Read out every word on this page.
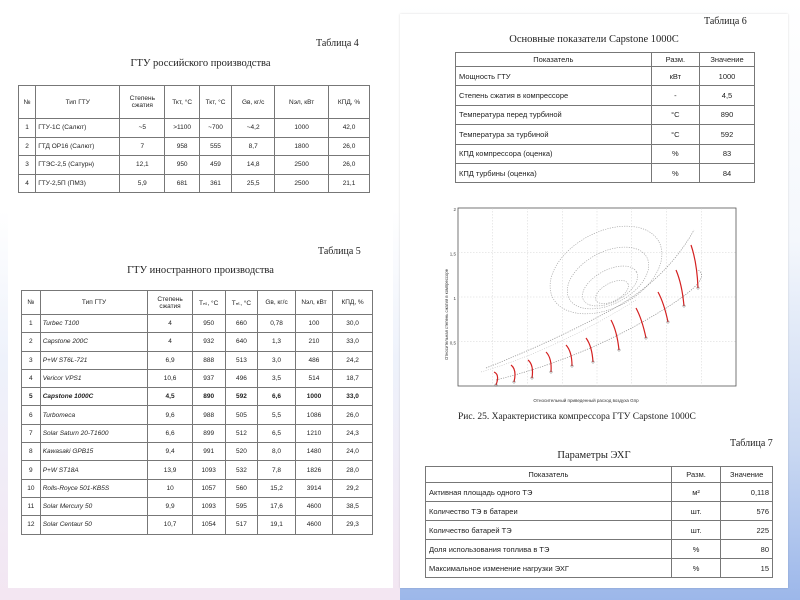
Таблица 4
ГТУ российского производства
№	Тип ГТУ	Степень сжатия	Ткт, °С	Ткт, °С	Gв, кг/с	Nэл, кВт	КПД, %
1	ГТУ-1С (Салют)	~5	>1100	~700	~4,2	1000	42,0
2	ГТД ОР16 (Салют)	7	958	555	8,7	1800	26,0
3	ГТЭС-2,5 (Сатурн)	12,1	950	459	14,8	2500	26,0
4	ГТУ-2,5П (ПМЗ)	5,9	681	361	25,5	2500	21,1
Таблица 5
ГТУ иностранного производства
№	Тип ГТУ	Степень сжатия	Тₙₜ, °С	Тₙₜ, °С	Gв, кг/с	Nэл, кВт	КПД, %
1	Turbec T100	4	950	660	0,78	100	30,0
2	Capstone 200C	4	932	640	1,3	210	33,0
3	P+W ST6L-721	6,9	888	513	3,0	486	24,2
4	Vericor VPS1	10,6	937	496	3,5	514	18,7
5	Capstone 1000C	4,5	890	592	6,6	1000	33,0
6	Turbomeca	9,6	988	505	5,5	1086	26,0
7	Solar Saturn 20-T1600	6,6	899	512	6,5	1210	24,3
8	Kawasaki GPB15	9,4	991	520	8,0	1480	24,0
9	P+W ST18A	13,9	1093	532	7,8	1826	28,0
10	Rolls-Royce 501-KB5S	10	1057	560	15,2	3914	29,2
11	Solar Mercury 50	9,9	1093	595	17,6	4600	38,5
12	Solar Centaur 50	10,7	1054	517	19,1	4600	29,3
Таблица 6
Основные показатели Capstone 1000C
Показатель	Разм.	Значение
Мощность ГТУ	кВт	1000
Степень сжатия в компрессоре	-	4,5
Температура перед турбиной	°С	890
Температура за турбиной	°С	592
КПД компрессора (оценка)	%	83
КПД турбины (оценка)	%	84
2
1,5
1
0,5
Относительная степень сжатия в компрессоре
Относительный приведенный расход воздуха Gпр
Рис. 25. Характеристика компрессора ГТУ Capstone 1000C
Таблица 7
Параметры ЭХГ
Показатель	Разм.	Значение
Активная площадь одного ТЭ	м²	0,118
Количество ТЭ в батареи	шт.	576
Количество батарей ТЭ	шт.	225
Доля использования топлива в ТЭ	%	80
Максимальное изменение нагрузки ЭХГ	%	15
